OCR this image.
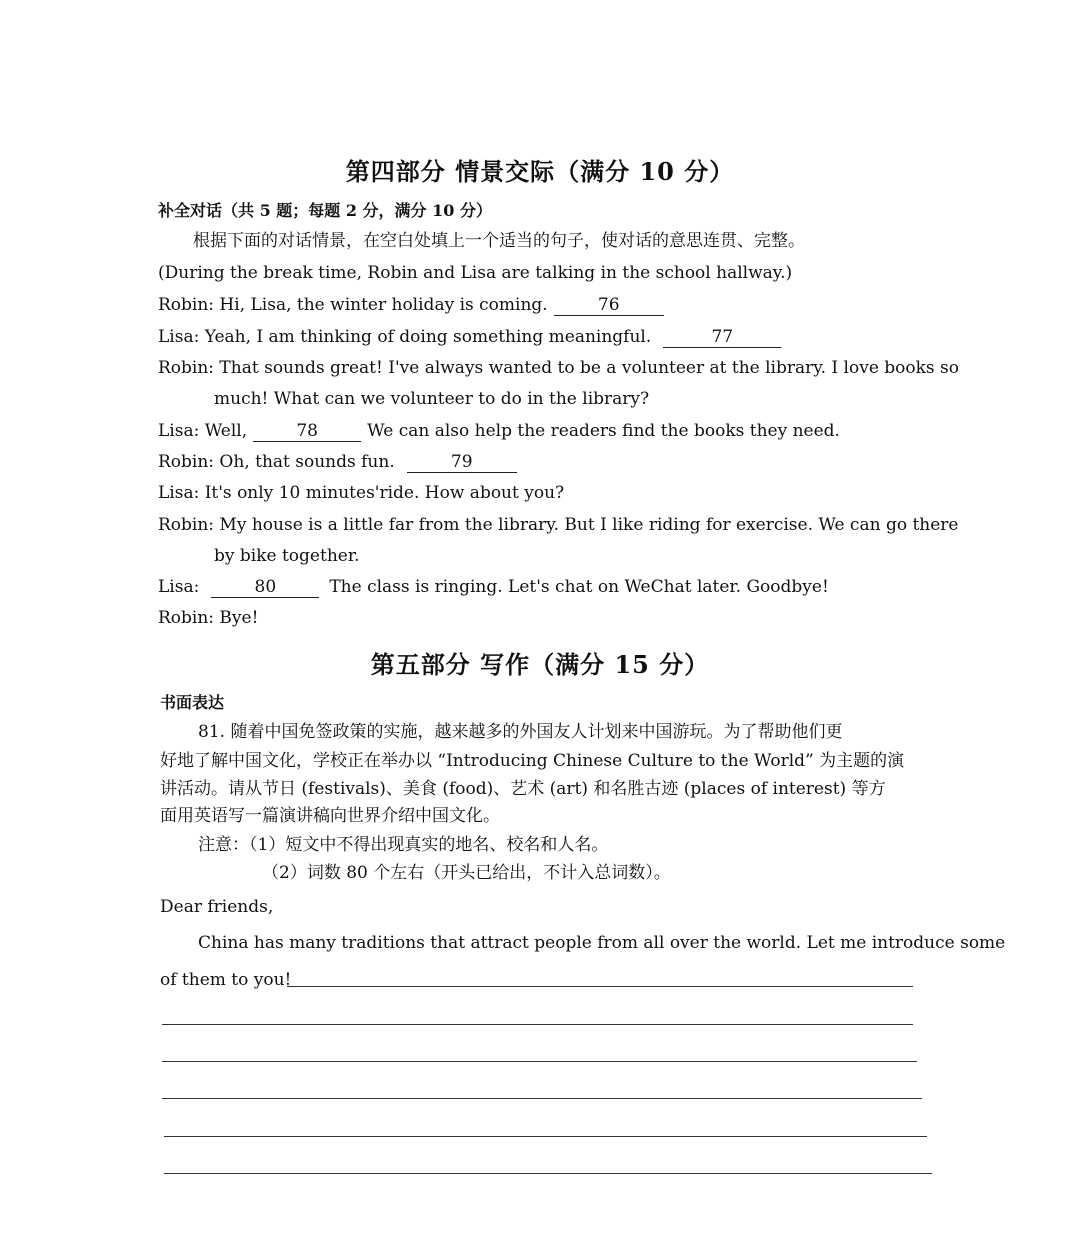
第四部分 情景交际（满分 10 分）
补全对话（共 5 题；每题 2 分，满分 10 分）
根据下面的对话情景，在空白处填上一个适当的句子，使对话的意思连贯、完整。
(During the break time, Robin and Lisa are talking in the school hallway.)
Robin: Hi, Lisa, the winter holiday is coming.	76
Lisa: Yeah, I am thinking of doing something meaningful.	77
Robin: That sounds great! I've always wanted to be a volunteer at the library. I love books so
much! What can we volunteer to do in the library?
Lisa: Well,	78	We can also help the readers find the books they need.
Robin: Oh, that sounds fun.	79
Lisa: It's only 10 minutes'ride. How about you?
Robin: My house is a little far from the library. But I like riding for exercise. We can go there
by bike together.
Lisa:	80	The class is ringing. Let's chat on WeChat later. Goodbye!
Robin: Bye!
第五部分 写作（满分 15 分）
书面表达
81. 随着中国免签政策的实施，越来越多的外国友人计划来中国游玩。为了帮助他们更
好地了解中国文化，学校正在举办以 “Introducing Chinese Culture to the World” 为主题的演
讲活动。请从节日 (festivals)、美食 (food)、艺术 (art) 和名胜古迹 (places of interest) 等方
面用英语写一篇演讲稿向世界介绍中国文化。
注意：（1）短文中不得出现真实的地名、校名和人名。
（2）词数 80 个左右（开头已给出，不计入总词数）。
Dear friends,
China has many traditions that attract people from all over the world. Let me introduce some
of them to you!
